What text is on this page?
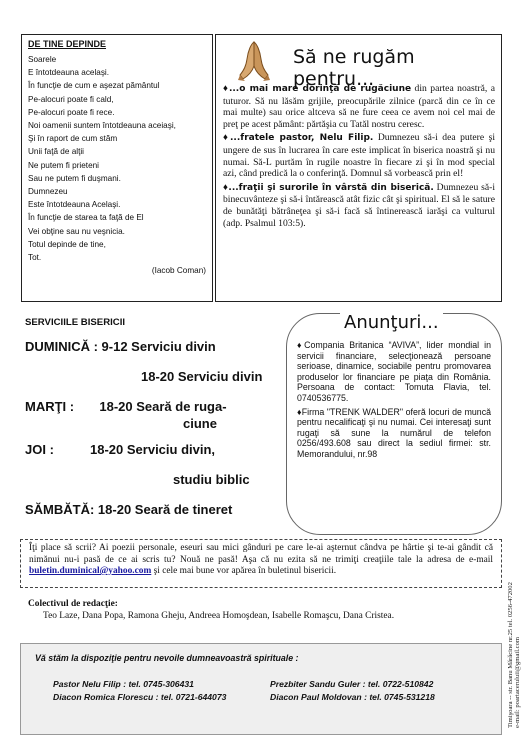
DE TINE DEPINDE
Soarele
E întotdeauna acelaşi.
În funcţie de cum e aşezat pământul
Pe-alocuri poate fi cald,
Pe-alocuri poate fi rece.
Noi oamenii suntem întotdeauna aceiaşi,
Şi în raport de cum stăm
Unii faţă de alţii
Ne putem fi prieteni
Sau ne putem fi duşmani.
Dumnezeu
Este întotdeauna Acelaşi.
În funcţie de starea ta faţă de El
Vei obţine sau nu veşnicia.
Totul depinde de tine,
Tot.
(Iacob Coman)
Să ne rugăm pentru...
♦...o mai mare dorinţă de rugăciune din partea noastră, a tuturor. Să nu lăsăm grijile, preocupările zilnice (parcă din ce în ce mai multe) sau orice altceva să ne fure ceea ce avem noi cel mai de preţ pe acest pământ: părtăşia cu Tatăl nostru ceresc.
♦...fratele pastor, Nelu Filip. Dumnezeu să-i dea putere şi ungere de sus în lucrarea în care este implicat în biserica noastră şi nu numai. Să-L purtăm în rugile noastre în fiecare zi şi în mod special azi, când predică la o conferinţă. Domnul să vorbească prin el!
♦...fraţii şi surorile în vârstă din biserică. Dumnezeu să-i binecuvânteze şi să-i întărească atât fizic cât şi spiritual. El să le sature de bunătăţi bătrâneţea şi să-i facă să întinerească iarăşi ca vulturul (adp. Psalmul 103:5).
SERVICIILE BISERICII
DUMINICĂ : 9-12 Serviciu divin
18-20 Serviciu divin
MARŢI :       18-20 Seară de ruga-
ciune
JOI :          18-20 Serviciu divin,
studiu biblic
SĂMBĂTĂ: 18-20 Seară de tineret
♦Compania Britanica “AVIVA”, lider mondial in servicii financiare, selecţionează persoane serioase, dinamice, sociabile pentru promovarea produselor lor financiare pe piaţa din România. Persoana de contact: Tomuta Flavia, tel. 0740536775.
♦Firma "TRENK WALDER" oferă locuri de muncă pentru necalificaţi şi nu numai. Cei interesaţi sunt rugaţi să sune la numărul de telefon 0256/493.608 sau direct la sediul firmei: str. Memorandului, nr.98
Anunţuri...
Îţi place să scrii? Ai poezii personale, eseuri sau mici gânduri pe care le-ai aşternut cândva pe hârtie şi te-ai gândit că nimănui nu-i pasă de ce ai scris tu? Nouă ne pasă! Aşa că nu ezita să ne trimiţi creaţiile tale la adresa de e-mail buletin.duminical@yahoo.com şi cele mai bune vor apărea în buletinul bisericii.
Colectivul de redacţie:
Teo Laze, Dana Popa, Ramona Gheju, Andreea Homoşdean, Isabelle Romaşcu, Dana Cristea.
Vă stăm la dispoziţie pentru nevoile dumneavoastră spirituale :
Pastor Nelu Filip : tel. 0745-306431	Prezbiter Sandu Guler : tel. 0722-510842
Diacon Romica Florescu : tel. 0721-644073	Diacon Paul Moldovan : tel. 0745-531218	Timişoara -- str. Banu Mărăcine nr.25 tel. 0256-472002 e-mail: poartaceruluii@gmail.com
